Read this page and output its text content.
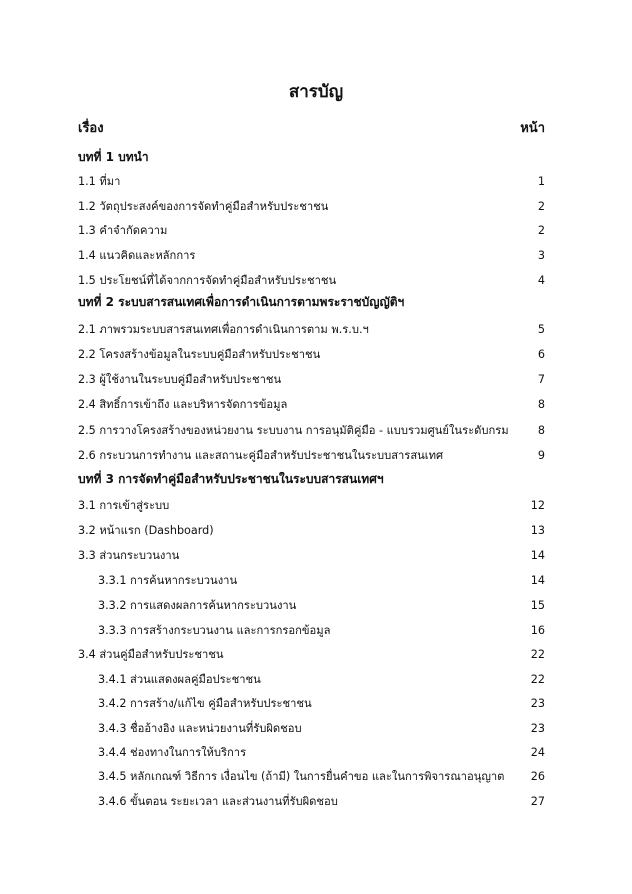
สารบัญ
เรื่อง	หน้า
บทที่ 1 บทนำ
1.1 ที่มา	1
1.2 วัตถุประสงค์ของการจัดทำคู่มือสำหรับประชาชน	2
1.3 คำจำกัดความ	2
1.4 แนวคิดและหลักการ	3
1.5 ประโยชน์ที่ได้จากการจัดทำคู่มือสำหรับประชาชน	4
บทที่ 2 ระบบสารสนเทศเพื่อการดำเนินการตามพระราชบัญญัติฯ
2.1 ภาพรวมระบบสารสนเทศเพื่อการดำเนินการตาม พ.ร.บ.ฯ	5
2.2 โครงสร้างข้อมูลในระบบคู่มือสำหรับประชาชน	6
2.3 ผู้ใช้งานในระบบคู่มือสำหรับประชาชน	7
2.4 สิทธิ์การเข้าถึง และบริหารจัดการข้อมูล	8
2.5 การวางโครงสร้างของหน่วยงาน ระบบงาน การอนุมัติคู่มือ - แบบรวมศูนย์ในระดับกรม	8
2.6 กระบวนการทำงาน และสถานะคู่มือสำหรับประชาชนในระบบสารสนเทศ	9
บทที่ 3 การจัดทำคู่มือสำหรับประชาชนในระบบสารสนเทศฯ
3.1 การเข้าสู่ระบบ	12
3.2 หน้าแรก (Dashboard)	13
3.3 ส่วนกระบวนงาน	14
3.3.1 การค้นหากระบวนงาน	14
3.3.2 การแสดงผลการค้นหากระบวนงาน	15
3.3.3 การสร้างกระบวนงาน และการกรอกข้อมูล	16
3.4 ส่วนคู่มือสำหรับประชาชน	22
3.4.1 ส่วนแสดงผลคู่มือประชาชน	22
3.4.2 การสร้าง/แก้ไข คู่มือสำหรับประชาชน	23
3.4.3 ชื่ออ้างอิง และหน่วยงานที่รับผิดชอบ	23
3.4.4 ช่องทางในการให้บริการ	24
3.4.5 หลักเกณฑ์ วิธีการ เงื่อนไข (ถ้ามี) ในการยื่นคำขอ และในการพิจารณาอนุญาต	26
3.4.6 ขั้นตอน ระยะเวลา และส่วนงานที่รับผิดชอบ	27
